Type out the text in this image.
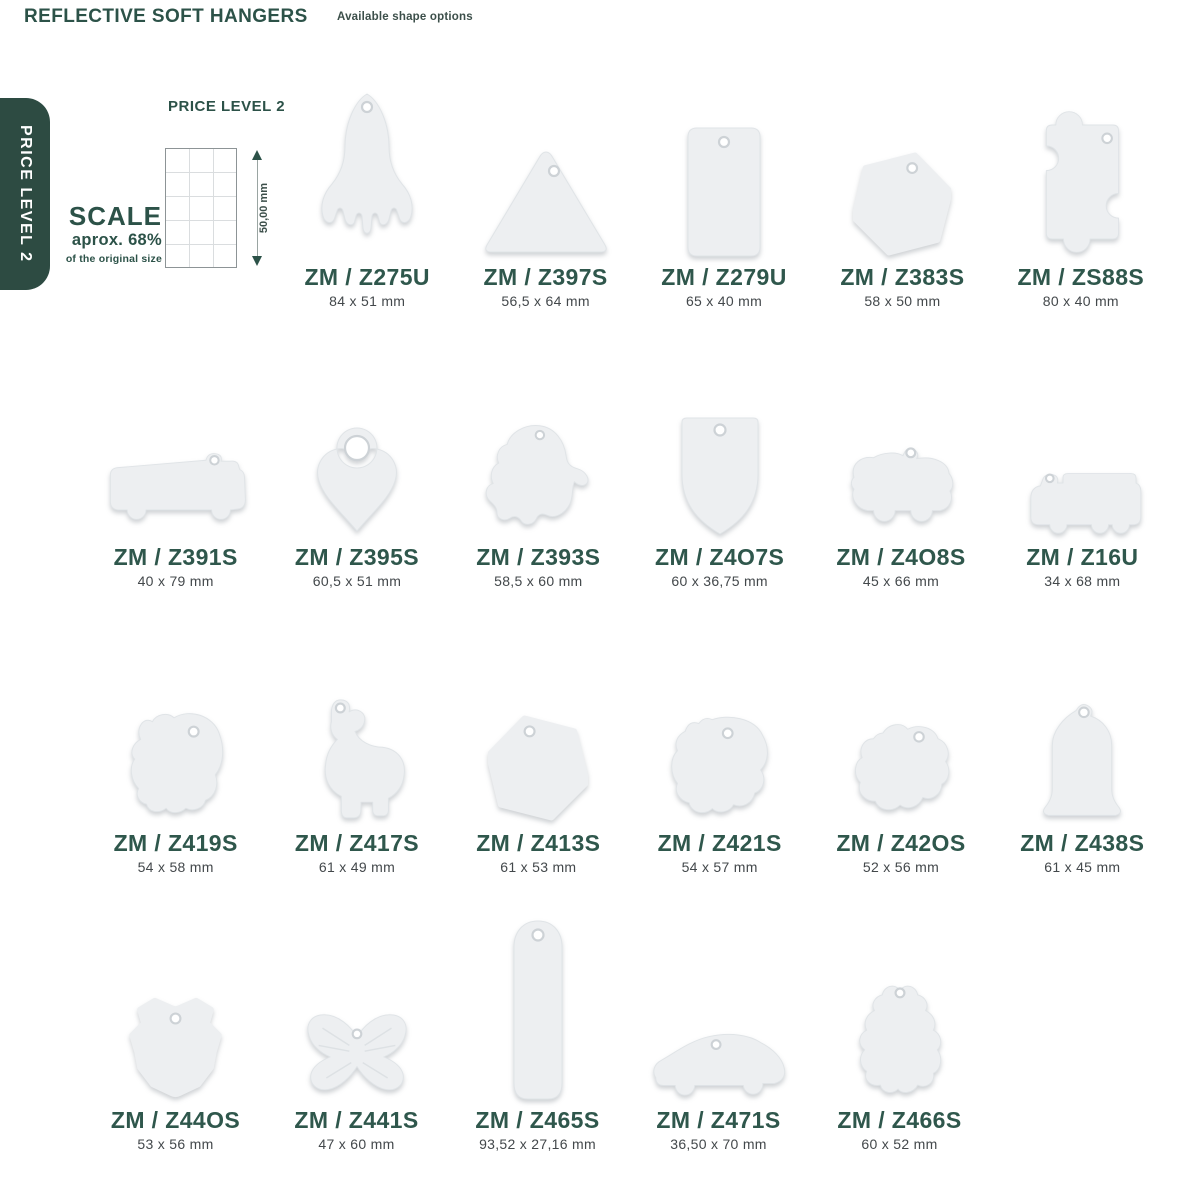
REFLECTIVE SOFT HANGERS	Available shape options
PRICE LEVEL 2
PRICE LEVEL 2
50,00 mm
SCALE
aprox. 68%
of the original size
ZM / Z275U
84 x 51 mm
ZM / Z397S
56,5 x 64 mm
ZM / Z279U
65 x 40 mm
ZM / Z383S
58 x 50 mm
ZM / ZS88S
80 x 40 mm
ZM / Z391S
40 x 79 mm
ZM / Z395S
60,5 x 51 mm
ZM / Z393S
58,5 x 60 mm
ZM / Z4O7S
60 x 36,75 mm
ZM / Z4O8S
45 x 66 mm
ZM / Z16U
34 x 68 mm
ZM / Z419S
54 x 58 mm
ZM / Z417S
61 x 49 mm
ZM / Z413S
61 x 53 mm
ZM / Z421S
54 x 57 mm
ZM / Z42OS
52 x 56 mm
ZM / Z438S
61 x 45 mm
ZM / Z44OS
53 x 56 mm
ZM / Z441S
47 x 60 mm
ZM / Z465S
93,52 x 27,16 mm
ZM / Z471S
36,50 x 70 mm
ZM / Z466S
60 x 52 mm
